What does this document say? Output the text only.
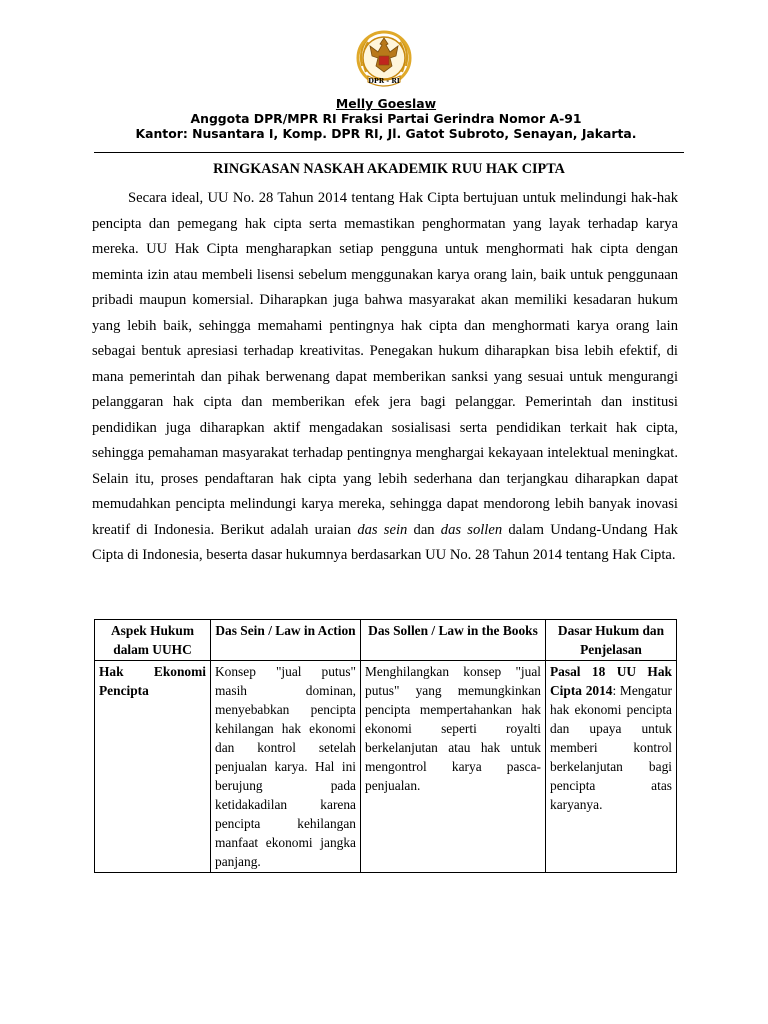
DPR - RI
Melly Goeslaw
Anggota DPR/MPR RI Fraksi Partai Gerindra Nomor A-91
Kantor: Nusantara I, Komp. DPR RI, Jl. Gatot Subroto, Senayan, Jakarta.
RINGKASAN NASKAH AKADEMIK RUU HAK CIPTA

Secara ideal, UU No. 28 Tahun 2014 tentang Hak Cipta bertujuan untuk melindungi hak-hak pencipta dan pemegang hak cipta serta memastikan penghormatan yang layak terhadap karya mereka. UU Hak Cipta mengharapkan setiap pengguna untuk menghormati hak cipta dengan meminta izin atau membeli lisensi sebelum menggunakan karya orang lain, baik untuk penggunaan pribadi maupun komersial. Diharapkan juga bahwa masyarakat akan memiliki kesadaran hukum yang lebih baik, sehingga memahami pentingnya hak cipta dan menghormati karya orang lain sebagai bentuk apresiasi terhadap kreativitas. Penegakan hukum diharapkan bisa lebih efektif, di mana pemerintah dan pihak berwenang dapat memberikan sanksi yang sesuai untuk mengurangi pelanggaran hak cipta dan memberikan efek jera bagi pelanggar. Pemerintah dan institusi pendidikan juga diharapkan aktif mengadakan sosialisasi serta pendidikan terkait hak cipta, sehingga pemahaman masyarakat terhadap pentingnya menghargai kekayaan intelektual meningkat. Selain itu, proses pendaftaran hak cipta yang lebih sederhana dan terjangkau diharapkan dapat memudahkan pencipta melindungi karya mereka, sehingga dapat mendorong lebih banyak inovasi kreatif di Indonesia. Berikut adalah uraian das sein dan das sollen dalam Undang-Undang Hak Cipta di Indonesia, beserta dasar hukumnya berdasarkan UU No. 28 Tahun 2014 tentang Hak Cipta.

Aspek Hukum dalam UUHC	Das Sein / Law in Action	Das Sollen / Law in the Books	Dasar Hukum dan Penjelasan
Hak Ekonomi Pencipta	Konsep "jual putus" masih dominan, menyebabkan pencipta kehilangan hak ekonomi dan kontrol setelah penjualan karya. Hal ini berujung pada ketidakadilan karena pencipta kehilangan manfaat ekonomi jangka panjang.	Menghilangkan konsep "jual putus" yang memungkinkan pencipta mempertahankan hak ekonomi seperti royalti berkelanjutan atau hak untuk mengontrol karya pasca-penjualan.	Pasal 18 UU Hak Cipta 2014: Mengatur hak ekonomi pencipta dan upaya untuk memberi kontrol berkelanjutan bagi pencipta atas karyanya.
